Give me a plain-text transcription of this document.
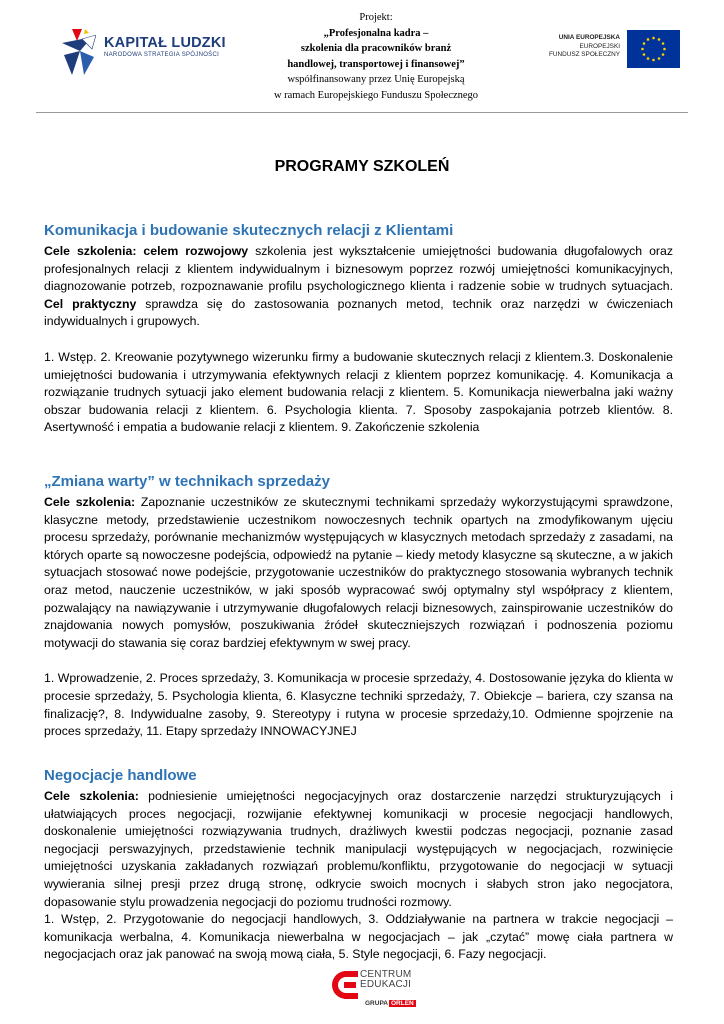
KAPITAŁ LUDZKI
NARODOWA STRATEGIA SPÓJNOŚCI
Projekt:
„Profesjonalna kadra –
szkolenia dla pracowników branż
handlowej, transportowej i finansowej”
współfinansowany przez Unię Europejską
w ramach Europejskiego Funduszu Społecznego
UNIA EUROPEJSKA
EUROPEJSKI
FUNDUSZ SPOŁECZNY
PROGRAMY SZKOLEŃ
Komunikacja i budowanie skutecznych relacji z Klientami

Cele szkolenia: celem rozwojowy szkolenia jest wykształcenie umiejętności budowania długofalowych oraz profesjonalnych relacji z klientem indywidualnym i biznesowym poprzez rozwój umiejętności komunikacyjnych, diagnozowanie potrzeb, rozpoznawanie profilu psychologicznego klienta i radzenie sobie w trudnych sytuacjach. Cel praktyczny sprawdza się do zastosowania poznanych metod, technik oraz narzędzi w ćwiczeniach indywidualnych i grupowych.

1. Wstęp. 2. Kreowanie pozytywnego wizerunku firmy a budowanie skutecznych relacji z klientem.3. Doskonalenie umiejętności budowania i utrzymywania efektywnych relacji z klientem poprzez komunikację. 4. Komunikacja a rozwiązanie trudnych sytuacji jako element budowania relacji z klientem. 5. Komunikacja niewerbalna jaki ważny obszar budowania relacji z klientem. 6. Psychologia klienta. 7. Sposoby zaspokajania potrzeb klientów. 8. Asertywność i empatia a budowanie relacji z klientem. 9. Zakończenie szkolenia

„Zmiana warty” w technikach sprzedaży

Cele szkolenia: Zapoznanie uczestników ze skutecznymi technikami sprzedaży wykorzystującymi sprawdzone, klasyczne metody, przedstawienie uczestnikom nowoczesnych technik opartych na zmodyfikowanym ujęciu procesu sprzedaży, porównanie mechanizmów występujących w klasycznych metodach sprzedaży z zasadami, na których oparte są nowoczesne podejścia, odpowiedź na pytanie – kiedy metody klasyczne są skuteczne, a w jakich sytuacjach stosować nowe podejście, przygotowanie uczestników do praktycznego stosowania wybranych technik oraz metod, nauczenie uczestników, w jaki sposób wypracować swój optymalny styl współpracy z klientem, pozwalający na nawiązywanie i utrzymywanie długofalowych relacji biznesowych, zainspirowanie uczestników do znajdowania nowych pomysłów, poszukiwania źródeł skuteczniejszych rozwiązań i podnoszenia poziomu motywacji do stawania się coraz bardziej efektywnym w swej pracy.

1. Wprowadzenie, 2. Proces sprzedaży, 3. Komunikacja w procesie sprzedaży, 4. Dostosowanie języka do klienta w procesie sprzedaży, 5. Psychologia klienta, 6. Klasyczne techniki sprzedaży, 7. Obiekcje – bariera, czy szansa na finalizację?, 8. Indywidualne zasoby, 9. Stereotypy i rutyna w procesie sprzedaży,10. Odmienne spojrzenie na proces sprzedaży, 11. Etapy sprzedaży INNOWACYJNEJ

Negocjacje handlowe

Cele szkolenia: podniesienie umiejętności negocjacyjnych oraz dostarczenie narzędzi strukturyzujących i ułatwiających proces negocjacji, rozwijanie efektywnej komunikacji w procesie negocjacji handlowych, doskonalenie umiejętności rozwiązywania trudnych, drażliwych kwestii podczas negocjacji, poznanie zasad negocjacji perswazyjnych, przedstawienie technik manipulacji występujących w negocjacjach, rozwinięcie umiejętności uzyskania zakładanych rozwiązań problemu/konfliktu, przygotowanie do negocjacji w sytuacji wywierania silnej presji przez drugą stronę, odkrycie swoich mocnych i słabych stron jako negocjatora, dopasowanie stylu prowadzenia negocjacji do poziomu trudności rozmowy.

1. Wstęp, 2. Przygotowanie do negocjacji handlowych, 3. Oddziaływanie na partnera w trakcie negocjacji – komunikacja werbalna, 4. Komunikacja niewerbalna w negocjacjach – jak „czytać” mowę ciała partnera w negocjacjach oraz jak panować na swoją mową ciała, 5. Style negocjacji, 6. Fazy negocjacji.

CENTRUM
EDUKACJI
GRUPA ORLEN
